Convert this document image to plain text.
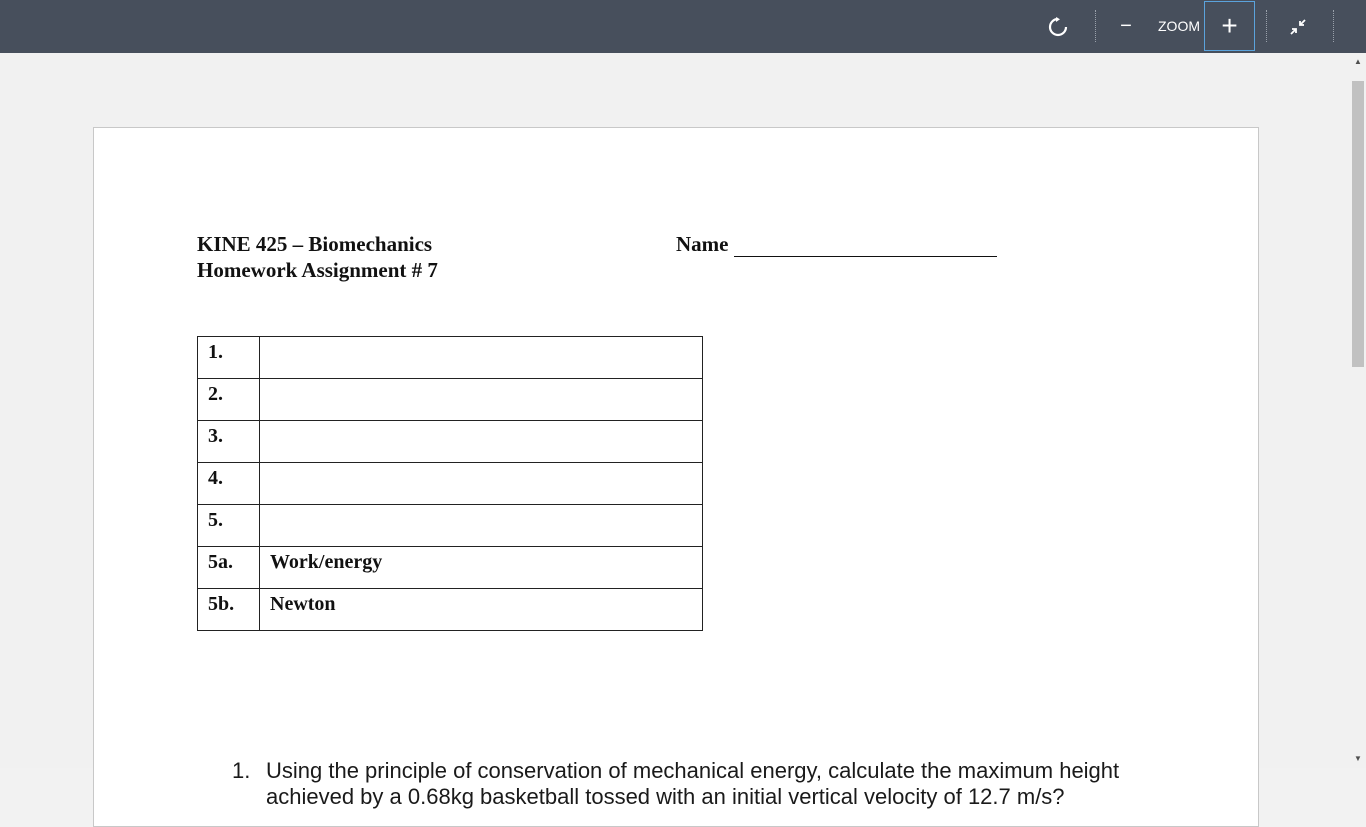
− ZOOM +
KINE 425 – Biomechanics
Homework Assignment # 7
Name
1.	
2.	
3.	
4.	
5.	
5a.	Work/energy
5b.	Newton
1. Using the principle of conservation of mechanical energy, calculate the maximum height achieved by a 0.68kg basketball tossed with an initial vertical velocity of 12.7 m/s?
▲
▼
